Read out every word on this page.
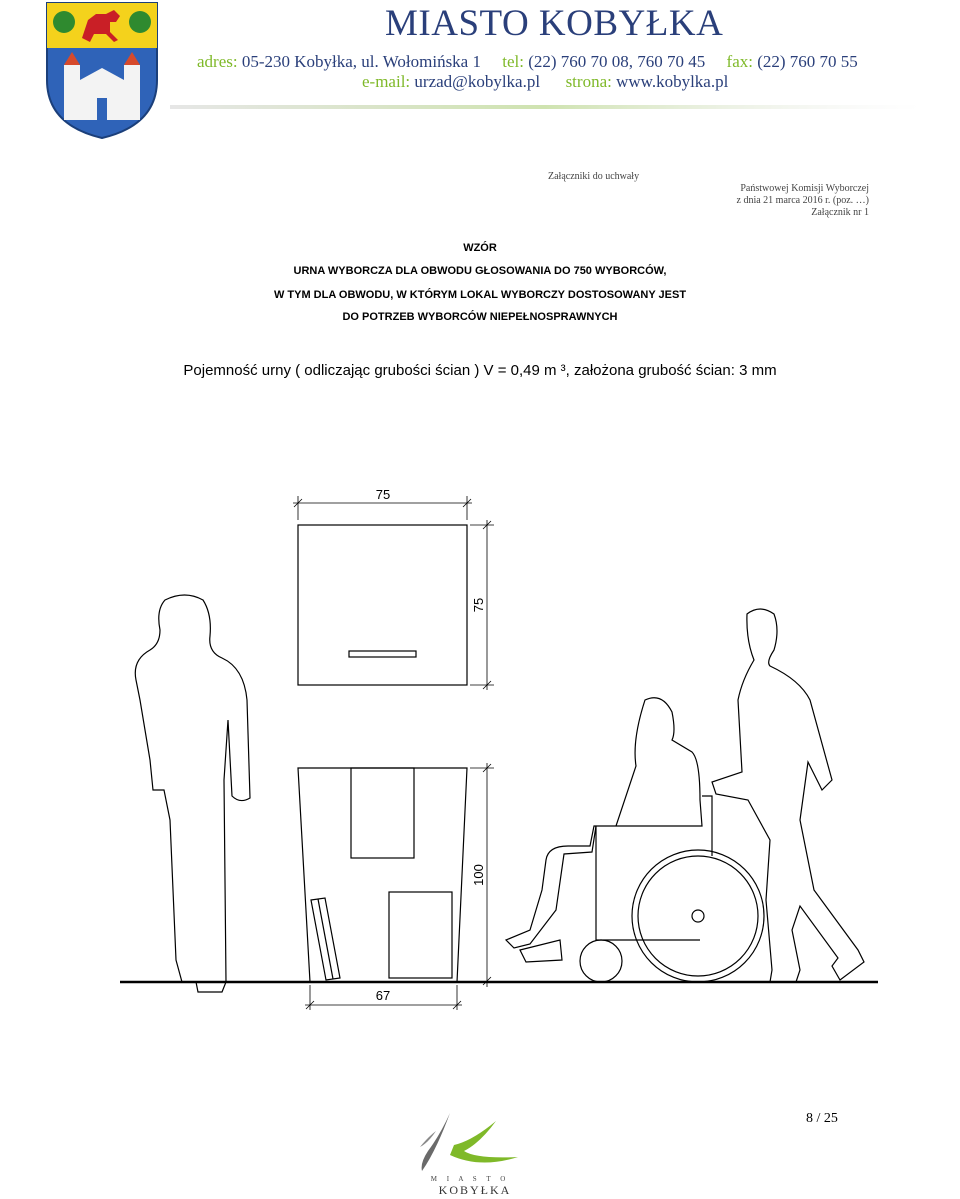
MIASTO KOBYŁKA
adres: 05-230 Kobyłka, ul. Wołomińska 1 tel: (22) 760 70 08, 760 70 45 fax: (22) 760 70 55
e-mail: urzad@kobylka.pl strona: www.kobylka.pl
Załączniki do uchwały
Państwowej Komisji Wyborczej
z dnia 21 marca 2016 r. (poz. …)
Załącznik nr 1
WZÓR
URNA WYBORCZA DLA OBWODU GŁOSOWANIA DO 750 WYBORCÓW,
W TYM DLA OBWODU, W KTÓRYM LOKAL WYBORCZY DOSTOSOWANY JEST
DO POTRZEB WYBORCÓW NIEPEŁNOSPRAWNYCH
Pojemność urny ( odliczając grubości ścian ) V = 0,49 m ³, założona grubość ścian: 3 mm
75
75
100
67
8 / 25
M I A S T O
KOBYŁKA
